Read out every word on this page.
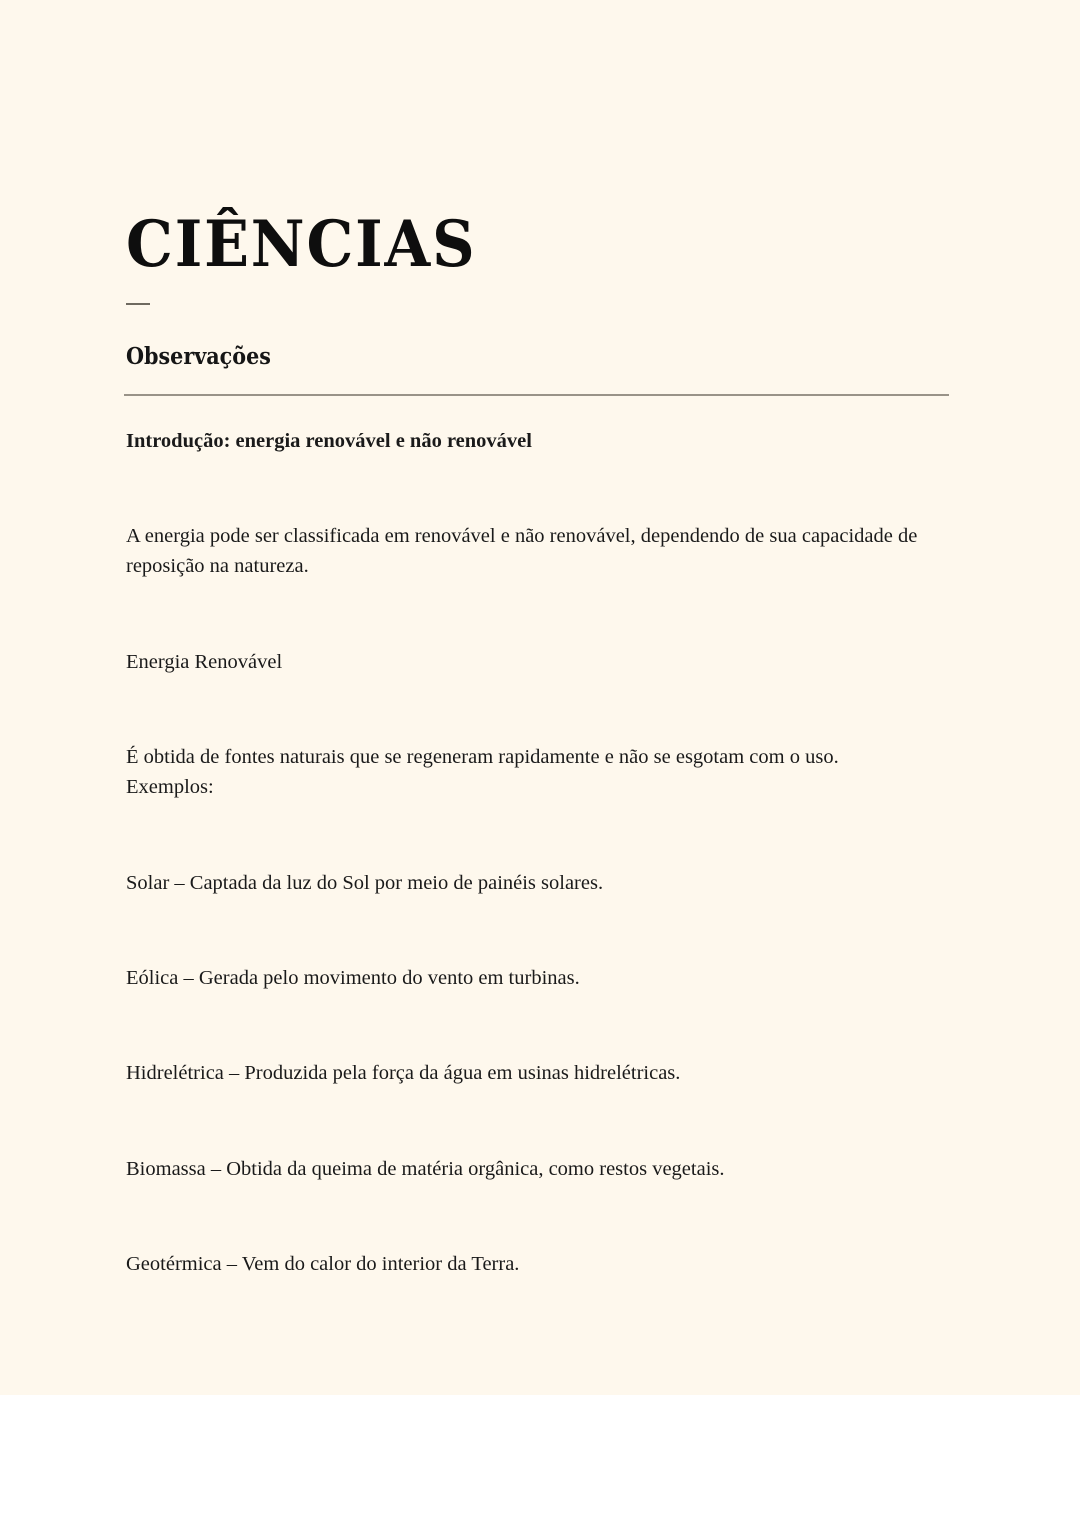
CIÊNCIAS
Observações

Introdução: energia renovável e não renovável

A energia pode ser classificada em renovável e não renovável, dependendo de sua capacidade de reposição na natureza.

Energia Renovável

É obtida de fontes naturais que se regeneram rapidamente e não se esgotam com o uso.
Exemplos:

Solar – Captada da luz do Sol por meio de painéis solares.

Eólica – Gerada pelo movimento do vento em turbinas.

Hidrelétrica – Produzida pela força da água em usinas hidrelétricas.

Biomassa – Obtida da queima de matéria orgânica, como restos vegetais.

Geotérmica – Vem do calor do interior da Terra.
